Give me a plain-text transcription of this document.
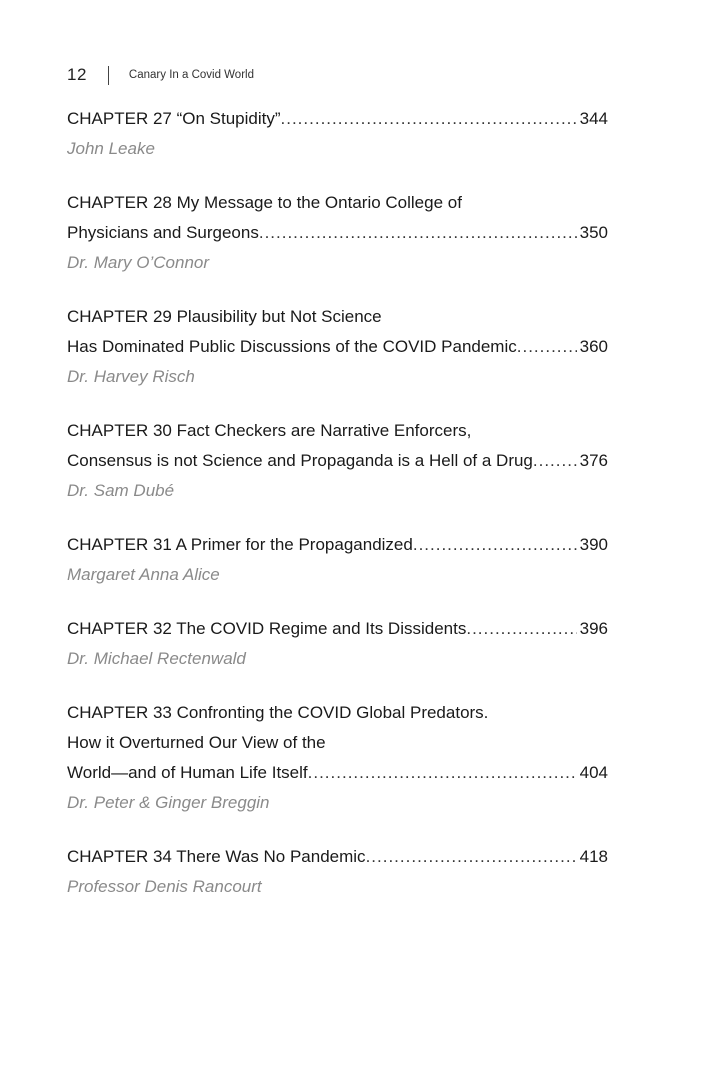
12	Canary In a Covid World
CHAPTER 27 “On Stupidity” .....	344
John Leake
CHAPTER 28 My Message to the Ontario College of
Physicians and Surgeons .....	350
Dr. Mary O’Connor
CHAPTER 29 Plausibility but Not Science
Has Dominated Public Discussions of the COVID Pandemic .....	360
Dr. Harvey Risch
CHAPTER 30 Fact Checkers are Narrative Enforcers,
Consensus is not Science and Propaganda is a Hell of a Drug .....	376
Dr. Sam Dubé
CHAPTER 31 A Primer for the Propagandized .....	390
Margaret Anna Alice
CHAPTER 32 The COVID Regime and Its Dissidents .....	396
Dr. Michael Rectenwald
CHAPTER 33 Confronting the COVID Global Predators.
How it Overturned Our View of the
World—and of Human Life Itself .....	404
Dr. Peter & Ginger Breggin
CHAPTER 34 There Was No Pandemic .....	418
Professor Denis Rancourt
